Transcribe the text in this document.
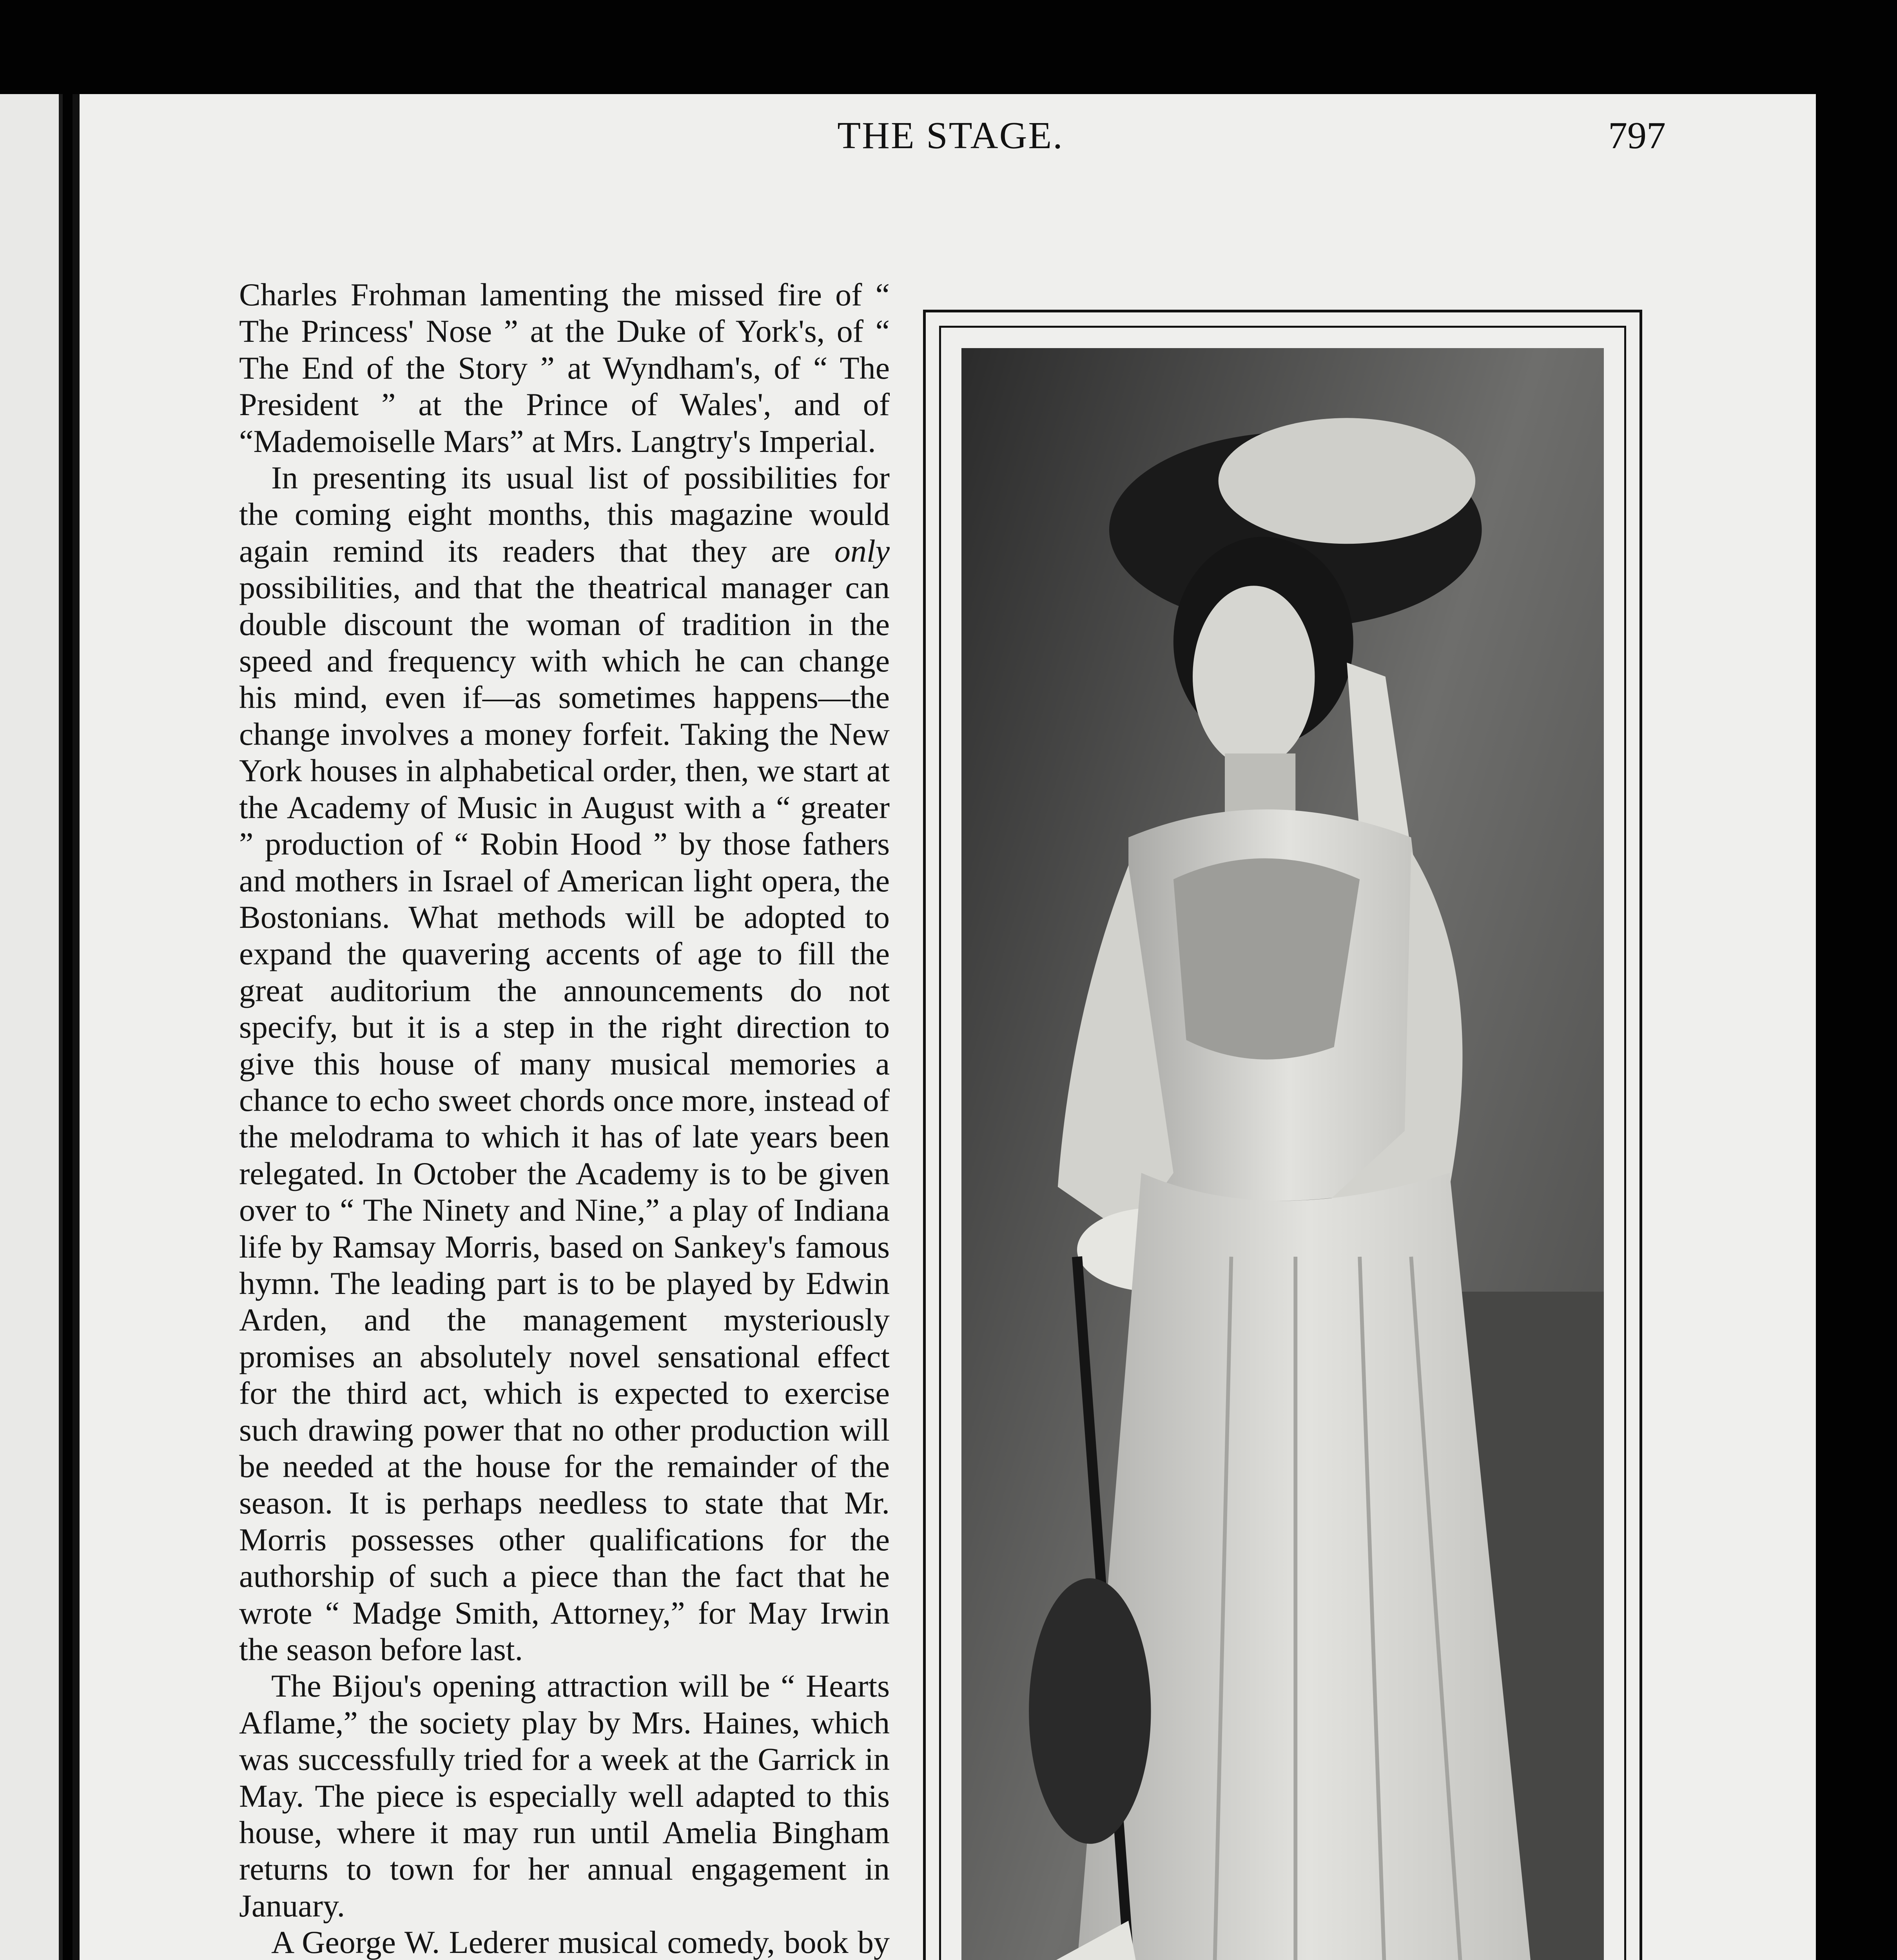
THE STAGE.	797

Charles Frohman lamenting the missed fire of “ The Princess' Nose ” at the Duke of York's, of “ The End of the Story ” at Wyndham's, of “ The President ” at the Prince of Wales', and of “Mademoiselle Mars” at Mrs. Langtry's Imperial.

In presenting its usual list of possibilities for the coming eight months, this magazine would again remind its readers that they are only possibilities, and that the theatrical manager can double discount the woman of tradition in the speed and frequency with which he can change his mind, even if—as sometimes happens—the change involves a money forfeit. Taking the New York houses in alphabetical order, then, we start at the Academy of Music in August with a “ greater ” production of “ Robin Hood ” by those fathers and mothers in Israel of American light opera, the Bostonians. What methods will be adopted to expand the quavering accents of age to fill the great auditorium the announcements do not specify, but it is a step in the right direction to give this house of many musical memories a chance to echo sweet chords once more, instead of the melodrama to which it has of late years been relegated. In October the Academy is to be given over to “ The Ninety and Nine,” a play of Indiana life by Ramsay Morris, based on Sankey's famous hymn. The leading part is to be played by Edwin Arden, and the management mysteriously promises an absolutely novel sensational effect for the third act, which is expected to exercise such drawing power that no other production will be needed at the house for the remainder of the season. It is perhaps needless to state that Mr. Morris possesses other qualifications for the authorship of such a piece than the fact that he wrote “ Madge Smith, Attorney,” for May Irwin the season before last.

The Bijou's opening attraction will be “ Hearts Aflame,” the society play by Mrs. Haines, which was successfully tried for a week at the Garrick in May. The piece is especially well adapted to this house, where it may run until Amelia Bingham returns to town for her annual engagement in January.

A George W. Lederer musical comedy, book by
